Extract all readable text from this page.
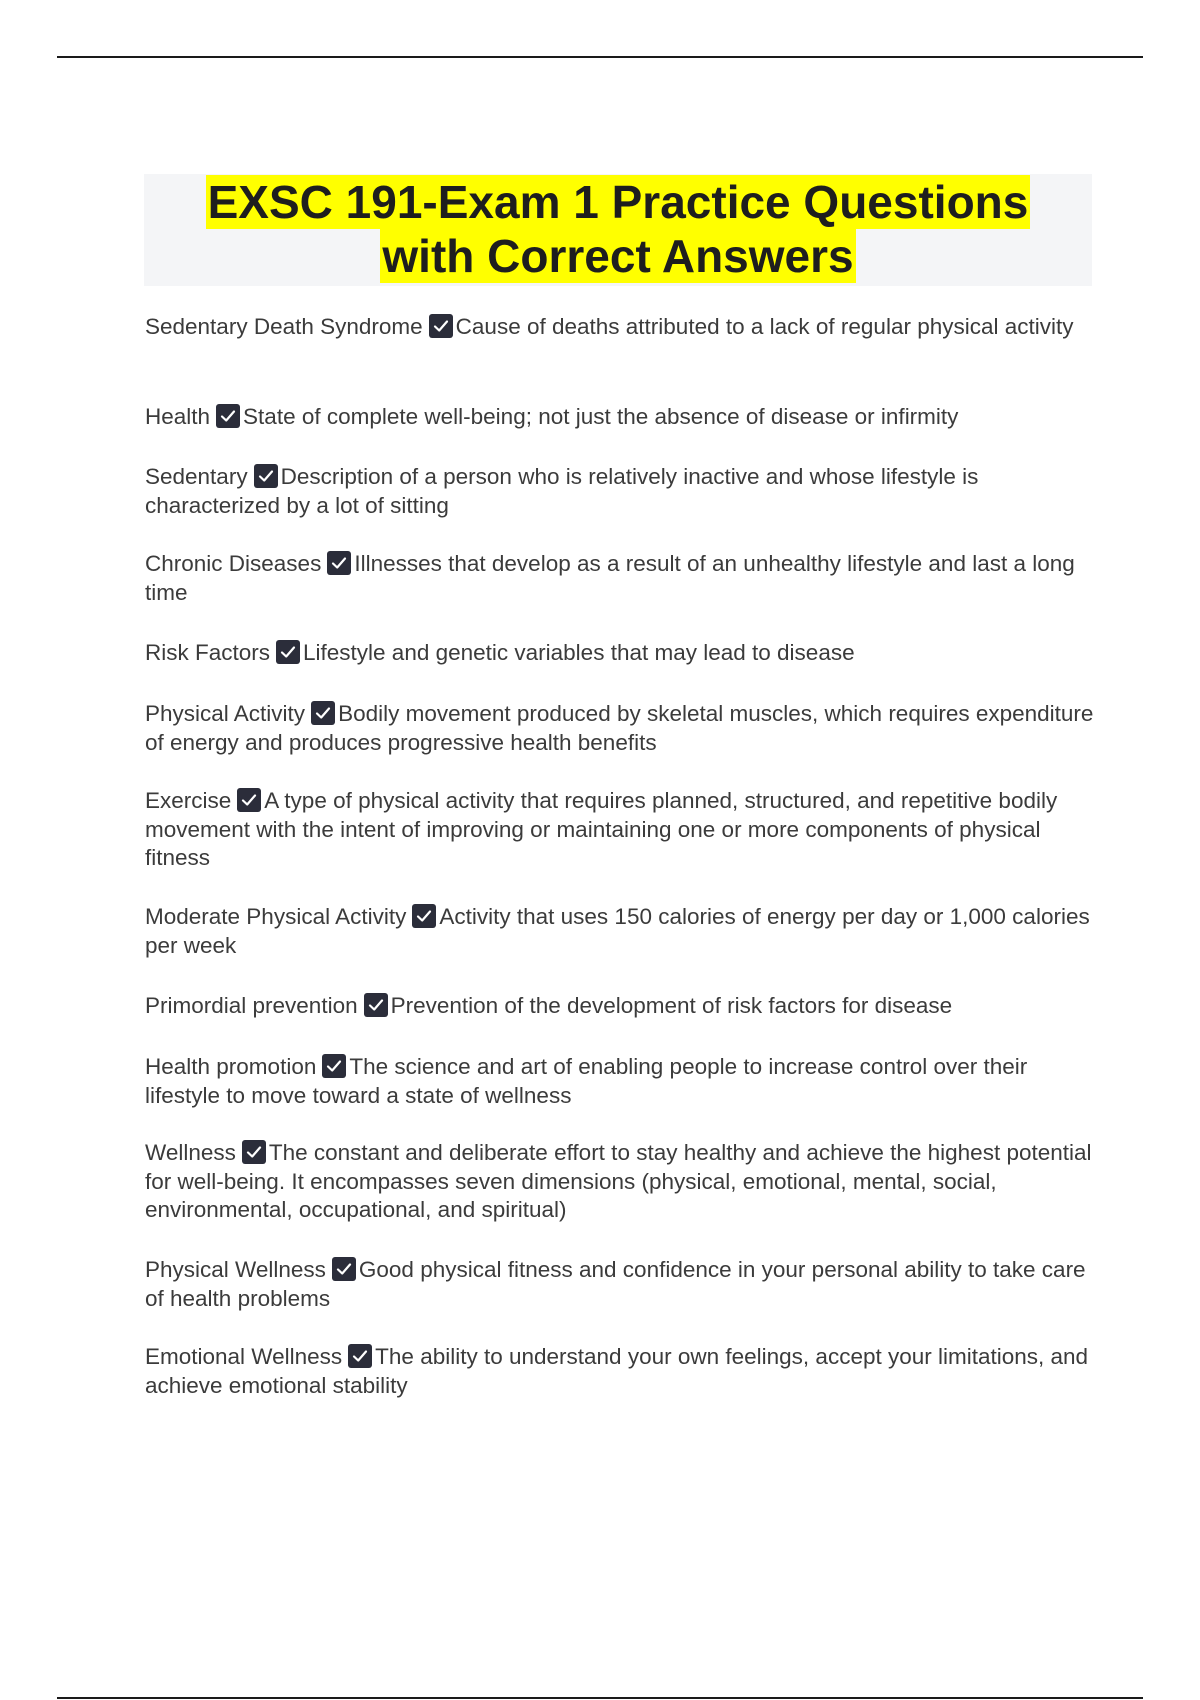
EXSC 191-Exam 1 Practice Questions
with Correct Answers
Sedentary Death Syndrome Cause of deaths attributed to a lack of regular physical activity
Health State of complete well-being; not just the absence of disease or infirmity
Sedentary Description of a person who is relatively inactive and whose lifestyle is characterized by a lot of sitting
Chronic Diseases Illnesses that develop as a result of an unhealthy lifestyle and last a long time
Risk Factors Lifestyle and genetic variables that may lead to disease
Physical Activity Bodily movement produced by skeletal muscles, which requires expenditure of energy and produces progressive health benefits
Exercise A type of physical activity that requires planned, structured, and repetitive bodily movement with the intent of improving or maintaining one or more components of physical fitness
Moderate Physical Activity Activity that uses 150 calories of energy per day or 1,000 calories per week
Primordial prevention Prevention of the development of risk factors for disease
Health promotion The science and art of enabling people to increase control over their lifestyle to move toward a state of wellness
Wellness The constant and deliberate effort to stay healthy and achieve the highest potential for well-being. It encompasses seven dimensions (physical, emotional, mental, social, environmental, occupational, and spiritual)
Physical Wellness Good physical fitness and confidence in your personal ability to take care of health problems
Emotional Wellness The ability to understand your own feelings, accept your limitations, and achieve emotional stability
